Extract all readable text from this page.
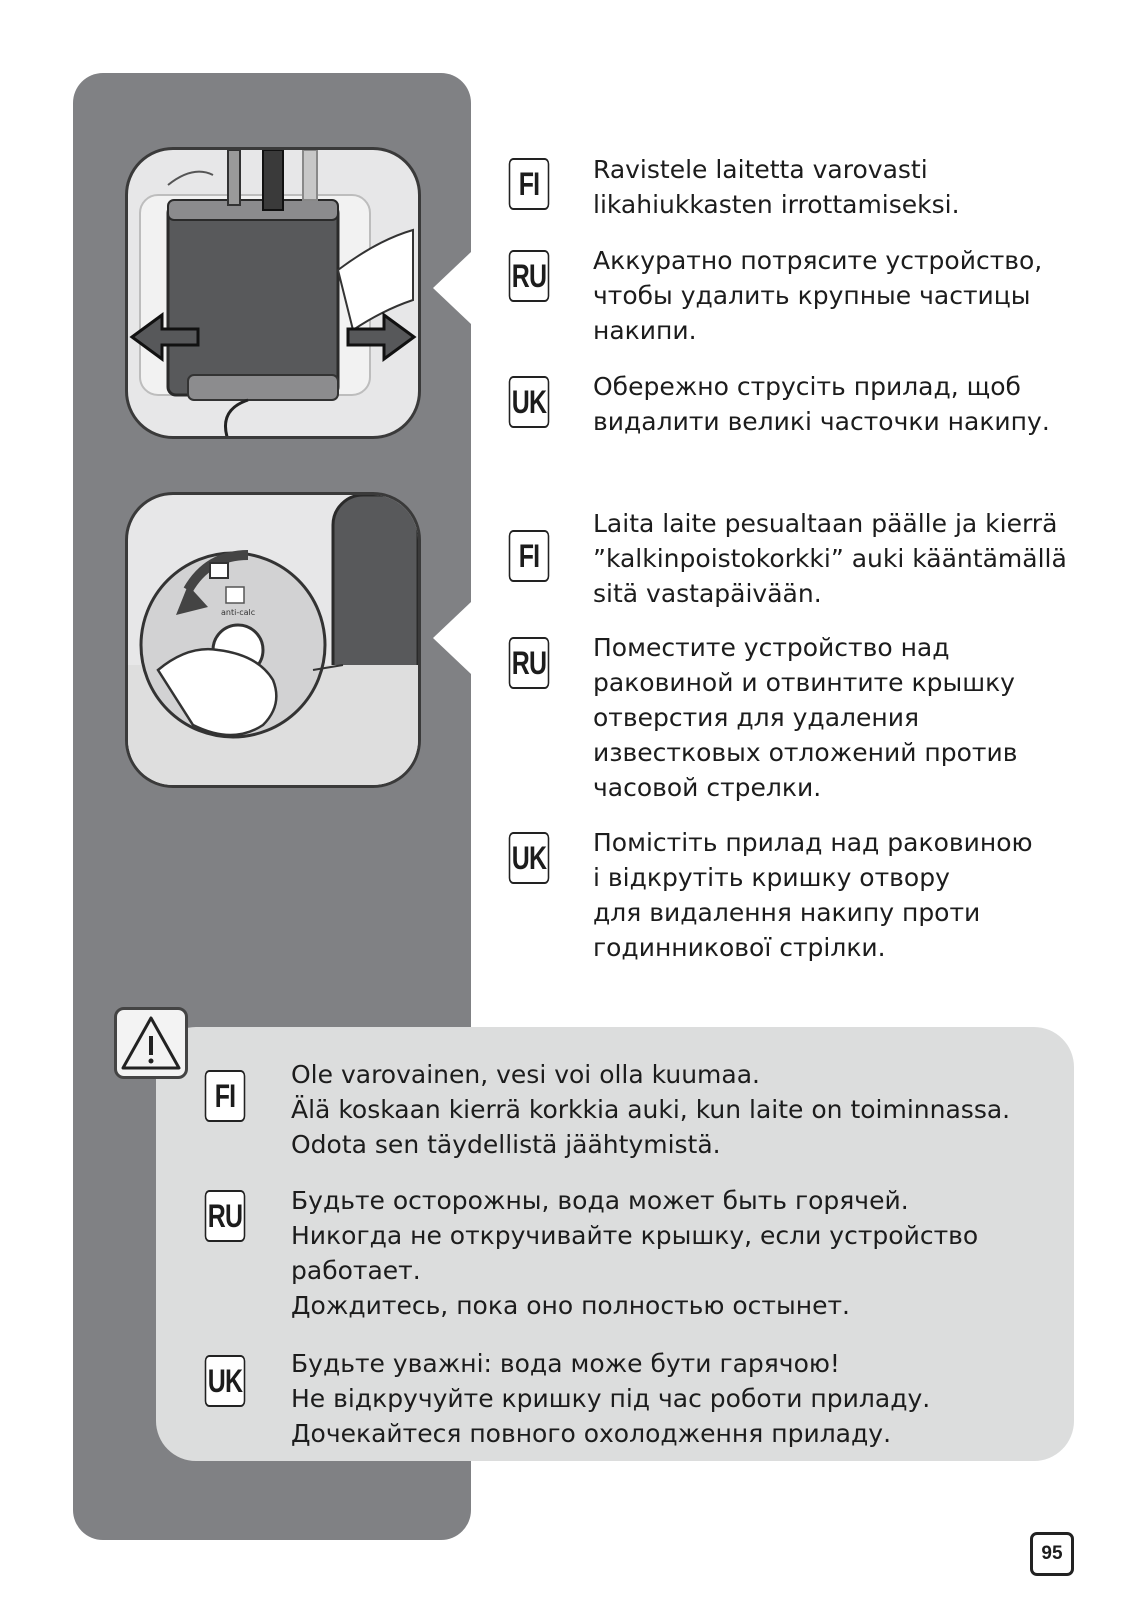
anti-calc
FI	Ravistele laitetta varovasti
likahiukkasten irrottamiseksi.
RU Аккуратно потрясите устройство,
чтобы удалить крупные частицы
накипи.
UK Обережно струсіть прилад, щоб
видалити великі часточки накипу.
FI
Laita laite pesualtaan päälle ja kierrä
”kalkinpoistokorkki” auki kääntämällä
sitä vastapäivään.
RU Поместите устройство над
раковиной и отвинтите крышку
отверстия для удаления
известковых отложений против
часовой стрелки.
UK Помістіть прилад над раковиною
і відкрутіть кришку отвору
для видалення накипу проти
годинникової стрілки.
FI
Ole varovainen, vesi voi olla kuumaa.
Älä koskaan kierrä korkkia auki, kun laite on toiminnassa.
Odota sen täydellistä jäähtymistä.
RU Будьте осторожны, вода может быть горячей.
Никогда не откручивайте крышку, если устройство
работает.
Дождитесь, пока оно полностью остынет.
UK Будьте уважні: вода може бути гарячою!
Не відкручуйте кришку під час роботи приладу.
Дочекайтеся повного охолодження приладу.
95
